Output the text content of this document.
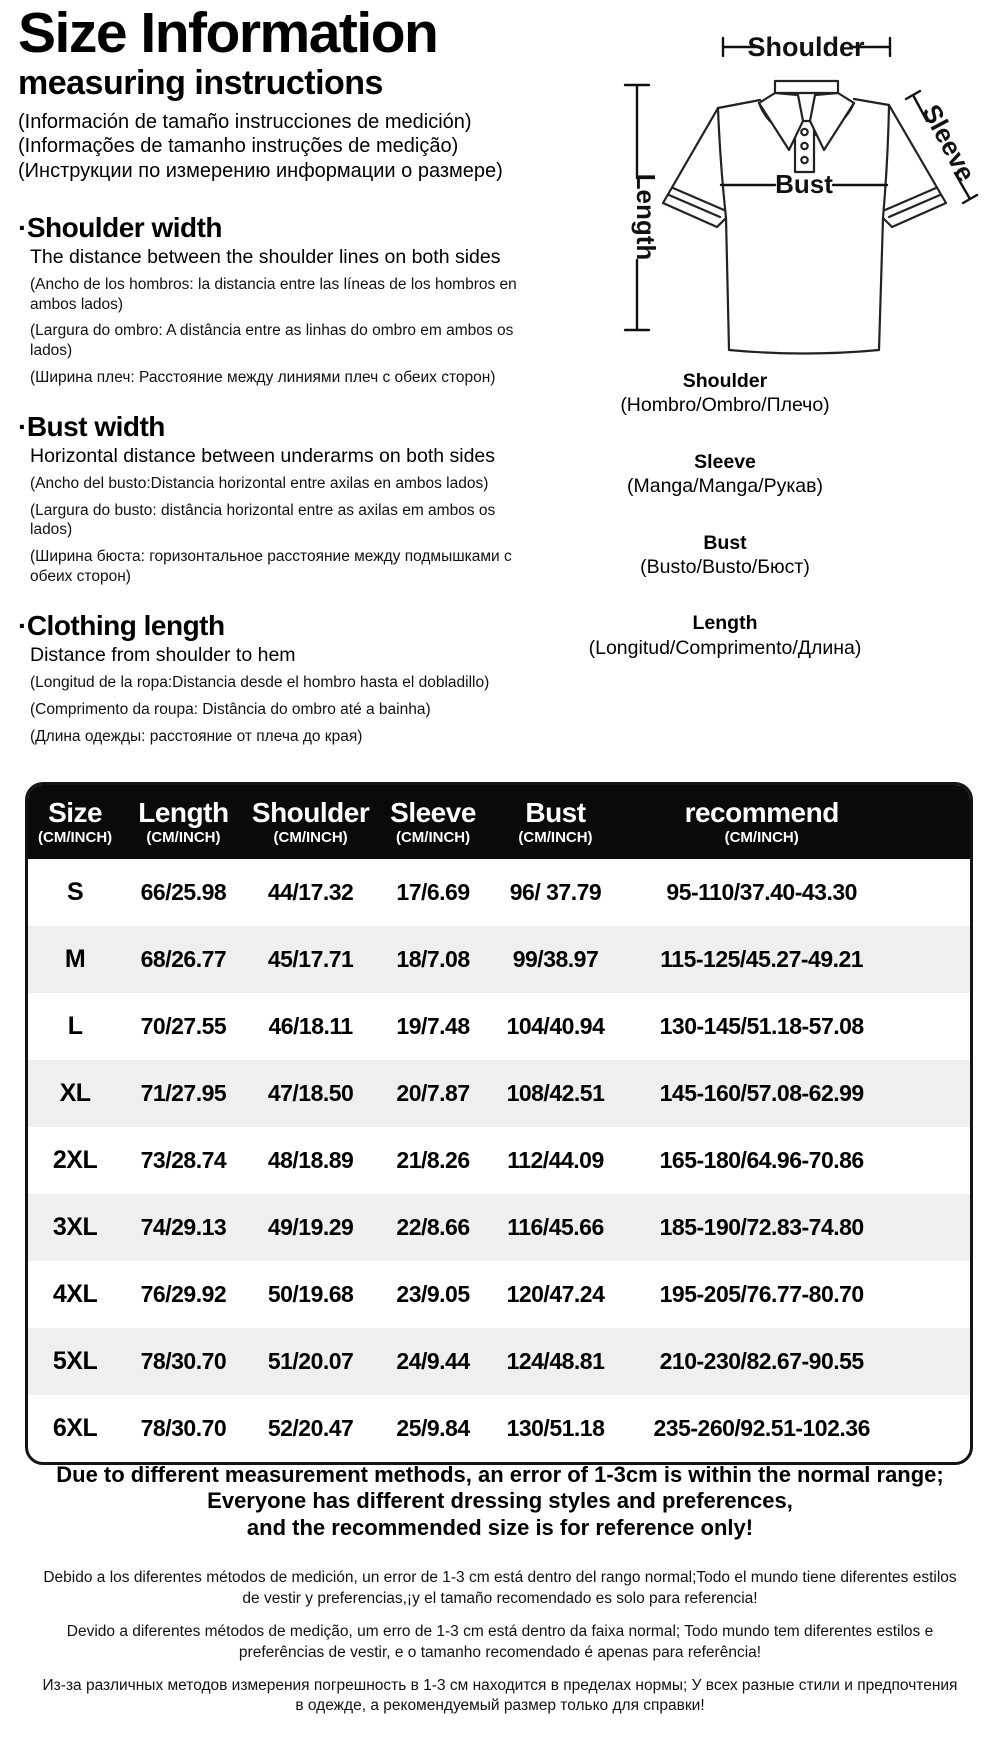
Size Information
measuring instructions
(Información de tamaño instrucciones de medición)
(Informações de tamanho instruções de medição)
(Инструкции по измерению информации о размере)
·Shoulder width
The distance between the shoulder lines on both sides

(Ancho de los hombros: la distancia entre las líneas de los hombros en ambos lados)

(Largura do ombro: A distância entre as linhas do ombro em ambos os lados)

(Ширина плеч: Расстояние между линиями плеч с обеих сторон)

·Bust width
Horizontal distance between underarms on both sides

(Ancho del busto:Distancia horizontal entre axilas en ambos lados)

(Largura do busto: distância horizontal entre as axilas em ambos os lados)

(Ширина бюста: горизонтальное расстояние между подмышками с обеих сторон)

·Clothing length
Distance from shoulder to hem

(Longitud de la ropa:Distancia desde el hombro hasta el dobladillo)

(Comprimento da roupa: Distância do ombro até a bainha)

(Длина одежды: расстояние от плеча до края)

Shoulder
Length
Sleeve
Bust
Shoulder
(Hombro/Ombro/Плечо)
Sleeve
(Manga/Manga/Рукав)
Bust
(Busto/Busto/Бюст)
Length
(Longitud/Comprimento/Длина)
Size
(CM/INCH)
Length
(CM/INCH)
Shoulder
(CM/INCH)
Sleeve
(CM/INCH)
Bust
(CM/INCH)
recommend
(CM/INCH)
S	66/25.98	44/17.32	17/6.69	96/ 37.79	95-110/37.40-43.30
M	68/26.77	45/17.71	18/7.08	99/38.97	115-125/45.27-49.21
L	70/27.55	46/18.11	19/7.48	104/40.94	130-145/51.18-57.08
XL	71/27.95	47/18.50	20/7.87	108/42.51	145-160/57.08-62.99
2XL	73/28.74	48/18.89	21/8.26	112/44.09	165-180/64.96-70.86
3XL	74/29.13	49/19.29	22/8.66	116/45.66	185-190/72.83-74.80
4XL	76/29.92	50/19.68	23/9.05	120/47.24	195-205/76.77-80.70
5XL	78/30.70	51/20.07	24/9.44	124/48.81	210-230/82.67-90.55
6XL	78/30.70	52/20.47	25/9.84	130/51.18	235-260/92.51-102.36
Due to different measurement methods, an error of 1-3cm is within the normal range;
Everyone has different dressing styles and preferences,
and the recommended size is for reference only!

Debido a los diferentes métodos de medición, un error de 1-3 cm está dentro del rango normal;Todo el mundo tiene diferentes estilos de vestir y preferencias,¡y el tamaño recomendado es solo para referencia!

Devido a diferentes métodos de medição, um erro de 1-3 cm está dentro da faixa normal; Todo mundo tem diferentes estilos e preferências de vestir, e o tamanho recomendado é apenas para referência!

Из-за различных методов измерения погрешность в 1-3 см находится в пределах нормы; У всех разные стили и предпочтения в одежде, а рекомендуемый размер только для справки!
